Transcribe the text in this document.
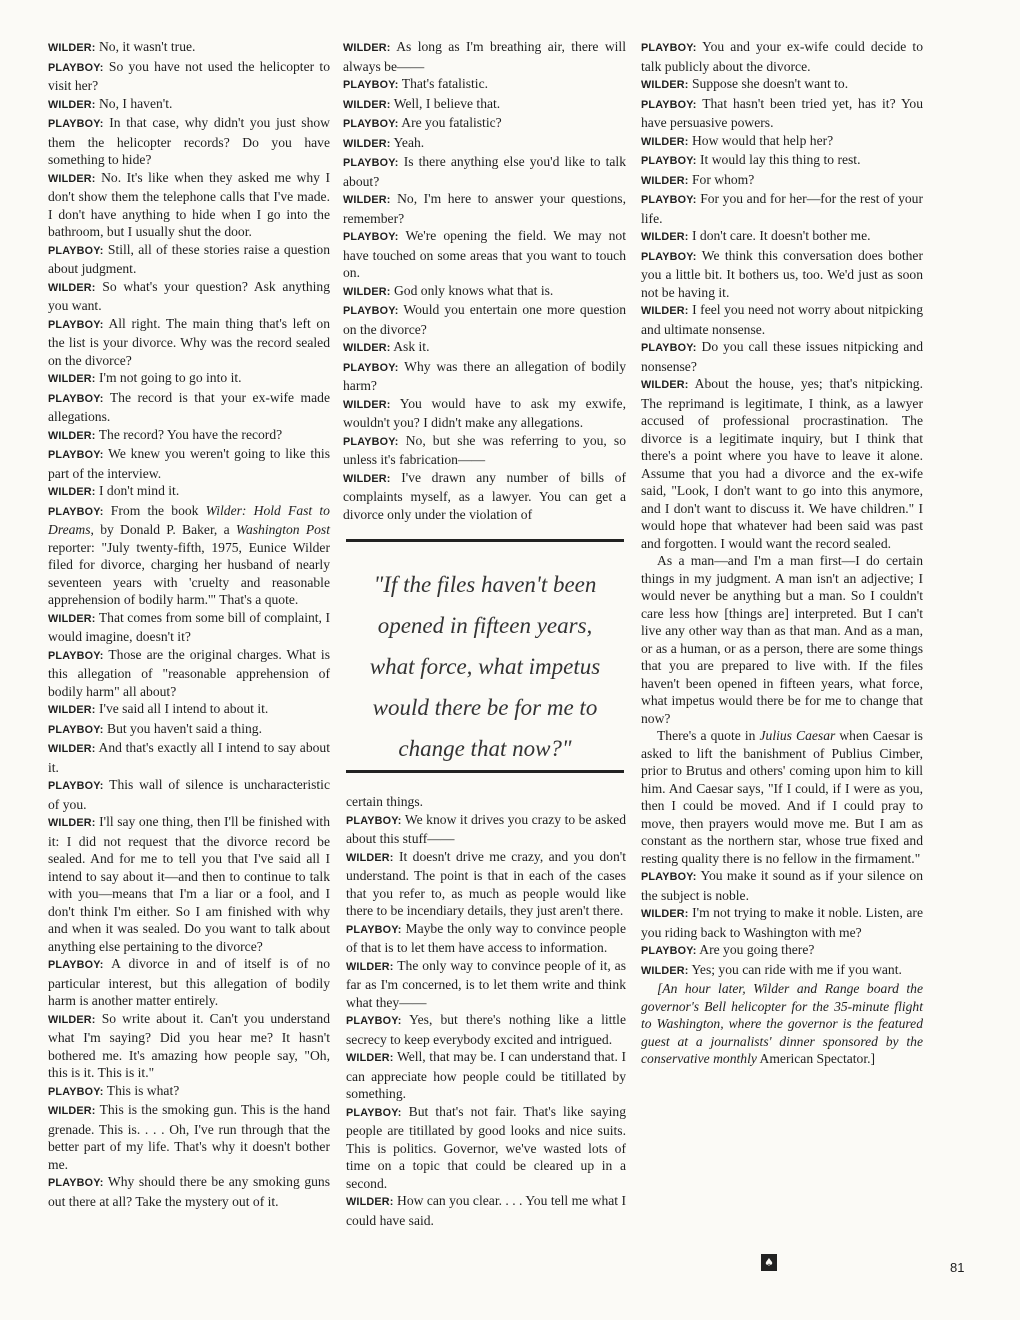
WILDER: No, it wasn't true.

PLAYBOY: So you have not used the helicopter to visit her?

WILDER: No, I haven't.

PLAYBOY: In that case, why didn't you just show them the helicopter records? Do you have something to hide?

WILDER: No. It's like when they asked me why I don't show them the telephone calls that I've made. I don't have anything to hide when I go into the bathroom, but I usually shut the door.

PLAYBOY: Still, all of these stories raise a question about judgment.

WILDER: So what's your question? Ask anything you want.

PLAYBOY: All right. The main thing that's left on the list is your divorce. Why was the record sealed on the divorce?

WILDER: I'm not going to go into it.

PLAYBOY: The record is that your ex-wife made allegations.

WILDER: The record? You have the record?

PLAYBOY: We knew you weren't going to like this part of the interview.

WILDER: I don't mind it.

PLAYBOY: From the book Wilder: Hold Fast to Dreams, by Donald P. Baker, a Washington Post reporter: "July twenty-fifth, 1975, Eunice Wilder filed for divorce, charging her husband of nearly seventeen years with 'cruelty and reasonable apprehension of bodily harm.'" That's a quote.

WILDER: That comes from some bill of complaint, I would imagine, doesn't it?

PLAYBOY: Those are the original charges. What is this allegation of "reasonable apprehension of bodily harm" all about?

WILDER: I've said all I intend to about it.

PLAYBOY: But you haven't said a thing.

WILDER: And that's exactly all I intend to say about it.

PLAYBOY: This wall of silence is uncharacteristic of you.

WILDER: I'll say one thing, then I'll be finished with it: I did not request that the divorce record be sealed. And for me to tell you that I've said all I intend to say about it—and then to continue to talk with you—means that I'm a liar or a fool, and I don't think I'm either. So I am finished with why and when it was sealed. Do you want to talk about anything else pertaining to the divorce?

PLAYBOY: A divorce in and of itself is of no particular interest, but this allegation of bodily harm is another matter entirely.

WILDER: So write about it. Can't you understand what I'm saying? Did you hear me? It hasn't bothered me. It's amazing how people say, "Oh, this is it. This is it."

PLAYBOY: This is what?

WILDER: This is the smoking gun. This is the hand grenade. This is. . . . Oh, I've run through that the better part of my life. That's why it doesn't bother me.

PLAYBOY: Why should there be any smoking guns out there at all? Take the mystery out of it.

WILDER: As long as I'm breathing air, there will always be——

PLAYBOY: That's fatalistic.

WILDER: Well, I believe that.

PLAYBOY: Are you fatalistic?

WILDER: Yeah.

PLAYBOY: Is there anything else you'd like to talk about?

WILDER: No, I'm here to answer your questions, remember?

PLAYBOY: We're opening the field. We may not have touched on some areas that you want to touch on.

WILDER: God only knows what that is.

PLAYBOY: Would you entertain one more question on the divorce?

WILDER: Ask it.

PLAYBOY: Why was there an allegation of bodily harm?

WILDER: You would have to ask my exwife, wouldn't you? I didn't make any allegations.

PLAYBOY: No, but she was referring to you, so unless it's fabrication——

WILDER: I've drawn any number of bills of complaints myself, as a lawyer. You can get a divorce only under the violation of

"If the files haven't been opened in fifteen years, what force, what impetus would there be for me to change that now?"

certain things.

PLAYBOY: We know it drives you crazy to be asked about this stuff——

WILDER: It doesn't drive me crazy, and you don't understand. The point is that in each of the cases that you refer to, as much as people would like there to be incendiary details, they just aren't there.

PLAYBOY: Maybe the only way to convince people of that is to let them have access to information.

WILDER: The only way to convince people of it, as far as I'm concerned, is to let them write and think what they——

PLAYBOY: Yes, but there's nothing like a little secrecy to keep everybody excited and intrigued.

WILDER: Well, that may be. I can understand that. I can appreciate how people could be titillated by something.

PLAYBOY: But that's not fair. That's like saying people are titillated by good looks and nice suits. This is politics. Governor, we've wasted lots of time on a topic that could be cleared up in a second.

WILDER: How can you clear. . . . You tell me what I could have said.

PLAYBOY: You and your ex-wife could decide to talk publicly about the divorce.

WILDER: Suppose she doesn't want to.

PLAYBOY: That hasn't been tried yet, has it? You have persuasive powers.

WILDER: How would that help her?

PLAYBOY: It would lay this thing to rest.

WILDER: For whom?

PLAYBOY: For you and for her—for the rest of your life.

WILDER: I don't care. It doesn't bother me.

PLAYBOY: We think this conversation does bother you a little bit. It bothers us, too. We'd just as soon not be having it.

WILDER: I feel you need not worry about nitpicking and ultimate nonsense.

PLAYBOY: Do you call these issues nitpicking and nonsense?

WILDER: About the house, yes; that's nitpicking. The reprimand is legitimate, I think, as a lawyer accused of professional procrastination. The divorce is a legitimate inquiry, but I think that there's a point where you have to leave it alone. Assume that you had a divorce and the ex-wife said, "Look, I don't want to go into this anymore, and I don't want to discuss it. We have children." I would hope that whatever had been said was past and forgotten. I would want the record sealed.

As a man—and I'm a man first—I do certain things in my judgment. A man isn't an adjective; I would never be anything but a man. So I couldn't care less how [things are] interpreted. But I can't live any other way than as that man. And as a man, or as a human, or as a person, there are some things that you are prepared to live with. If the files haven't been opened in fifteen years, what force, what impetus would there be for me to change that now?

There's a quote in Julius Caesar when Caesar is asked to lift the banishment of Publius Cimber, prior to Brutus and others' coming upon him to kill him. And Caesar says, "If I could, if I were as you, then I could be moved. And if I could pray to move, then prayers would move me. But I am as constant as the northern star, whose true fixed and resting quality there is no fellow in the firmament."

PLAYBOY: You make it sound as if your silence on the subject is noble.

WILDER: I'm not trying to make it noble. Listen, are you riding back to Washington with me?

PLAYBOY: Are you going there?

WILDER: Yes; you can ride with me if you want.

[An hour later, Wilder and Range board the governor's Bell helicopter for the 35-minute flight to Washington, where the governor is the featured guest at a journalists' dinner sponsored by the conservative monthly American Spectator.]

♠	81
